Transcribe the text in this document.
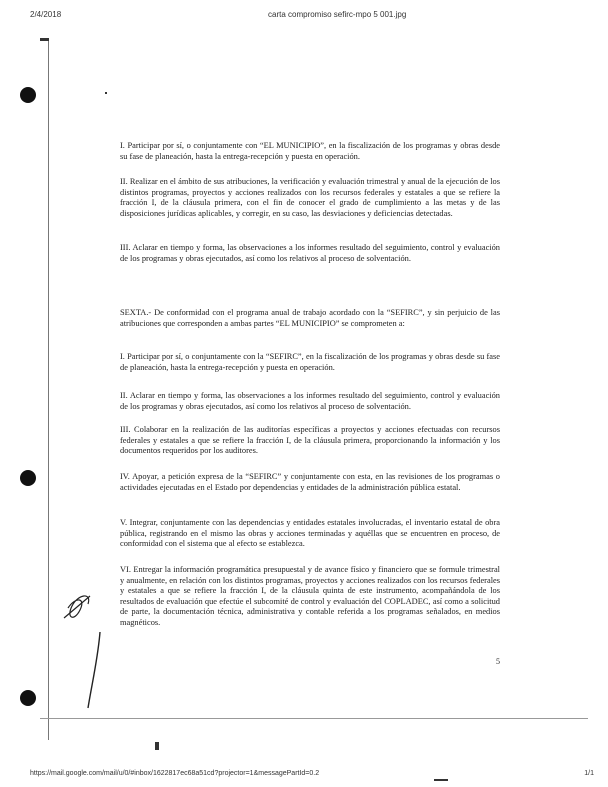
2/4/2018	carta compromiso sefirc-mpo 5 001.jpg
I. Participar por sí, o conjuntamente con “EL MUNICIPIO”, en la fiscalización de los programas y obras desde su fase de planeación, hasta la entrega-recepción y puesta en operación.
II. Realizar en el ámbito de sus atribuciones, la verificación y evaluación trimestral y anual de la ejecución de los distintos programas, proyectos y acciones realizados con los recursos federales y estatales a que se refiere la fracción I, de la cláusula primera, con el fin de conocer el grado de cumplimiento a las metas y de las disposiciones jurídicas aplicables, y corregir, en su caso, las desviaciones y deficiencias detectadas.
III. Aclarar en tiempo y forma, las observaciones a los informes resultado del seguimiento, control y evaluación de los programas y obras ejecutados, así como los relativos al proceso de solventación.
SEXTA.- De conformidad con el programa anual de trabajo acordado con la “SEFIRC”, y sin perjuicio de las atribuciones que corresponden a ambas partes “EL MUNICIPIO” se comprometen a:
I. Participar por sí, o conjuntamente con la “SEFIRC”, en la fiscalización de los programas y obras desde su fase de planeación, hasta la entrega-recepción y puesta en operación.
II. Aclarar en tiempo y forma, las observaciones a los informes resultado del seguimiento, control y evaluación de los programas y obras ejecutados, así como los relativos al proceso de solventación.
III. Colaborar en la realización de las auditorías específicas a proyectos y acciones efectuadas con recursos federales y estatales a que se refiere la fracción I, de la cláusula primera, proporcionando la información y los documentos requeridos por los auditores.
IV. Apoyar, a petición expresa de la “SEFIRC” y conjuntamente con esta, en las revisiones de los programas o actividades ejecutadas en el Estado por dependencias y entidades de la administración pública estatal.
V. Integrar, conjuntamente con las dependencias y entidades estatales involucradas, el inventario estatal de obra pública, registrando en el mismo las obras y acciones terminadas y aquéllas que se encuentren en proceso, de conformidad con el sistema que al efecto se establezca.
VI. Entregar la información programática presupuestal y de avance físico y financiero que se formule trimestral y anualmente, en relación con los distintos programas, proyectos y acciones realizados con los recursos federales y estatales a que se refiere la fracción I, de la cláusula quinta de este instrumento, acompañándola de los resultados de evaluación que efectúe el subcomité de control y evaluación del COPLADEC, así como a solicitud de parte, la documentación técnica, administrativa y contable referida a los programas señalados, en medios magnéticos.
5
https://mail.google.com/mail/u/0/#inbox/1622817ec68a51cd?projector=1&messagePartId=0.2	1/1
